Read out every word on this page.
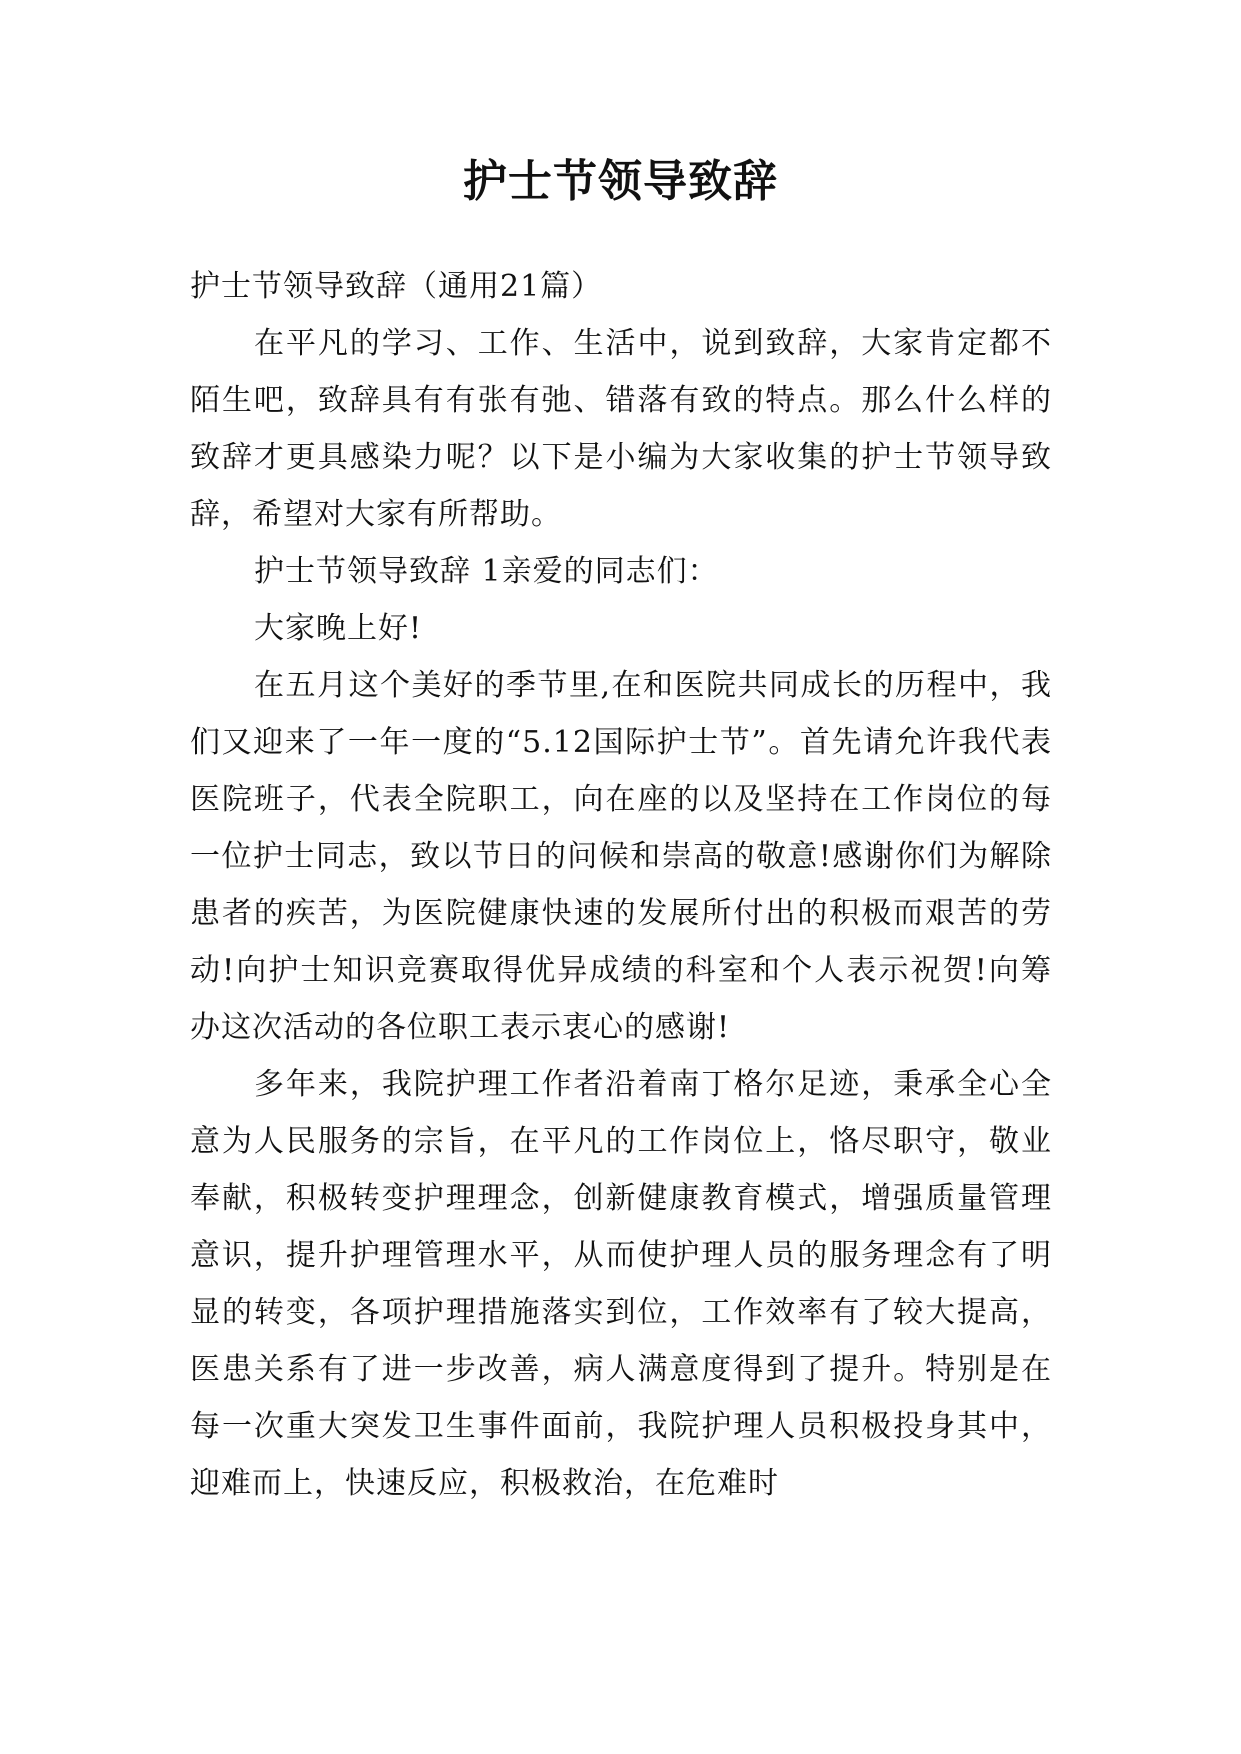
护士节领导致辞

护士节领导致辞（通用21篇）

在平凡的学习、工作、生活中，说到致辞，大家肯定都不陌生吧，致辞具有有张有弛、错落有致的特点。那么什么样的致辞才更具感染力呢？以下是小编为大家收集的护士节领导致辞，希望对大家有所帮助。

护士节领导致辞 1亲爱的同志们：

大家晚上好!

在五月这个美好的季节里,在和医院共同成长的历程中，我们又迎来了一年一度的“5.12国际护士节”。首先请允许我代表医院班子，代表全院职工，向在座的以及坚持在工作岗位的每一位护士同志，致以节日的问候和崇高的敬意!感谢你们为解除患者的疾苦，为医院健康快速的发展所付出的积极而艰苦的劳动!向护士知识竞赛取得优异成绩的科室和个人表示祝贺!向筹办这次活动的各位职工表示衷心的感谢!

多年来，我院护理工作者沿着南丁格尔足迹，秉承全心全意为人民服务的宗旨，在平凡的工作岗位上，恪尽职守，敬业奉献，积极转变护理理念，创新健康教育模式，增强质量管理意识，提升护理管理水平，从而使护理人员的服务理念有了明显的转变，各项护理措施落实到位，工作效率有了较大提高，医患关系有了进一步改善，病人满意度得到了提升。特别是在每一次重大突发卫生事件面前，我院护理人员积极投身其中，迎难而上，快速反应，积极救治，在危难时
